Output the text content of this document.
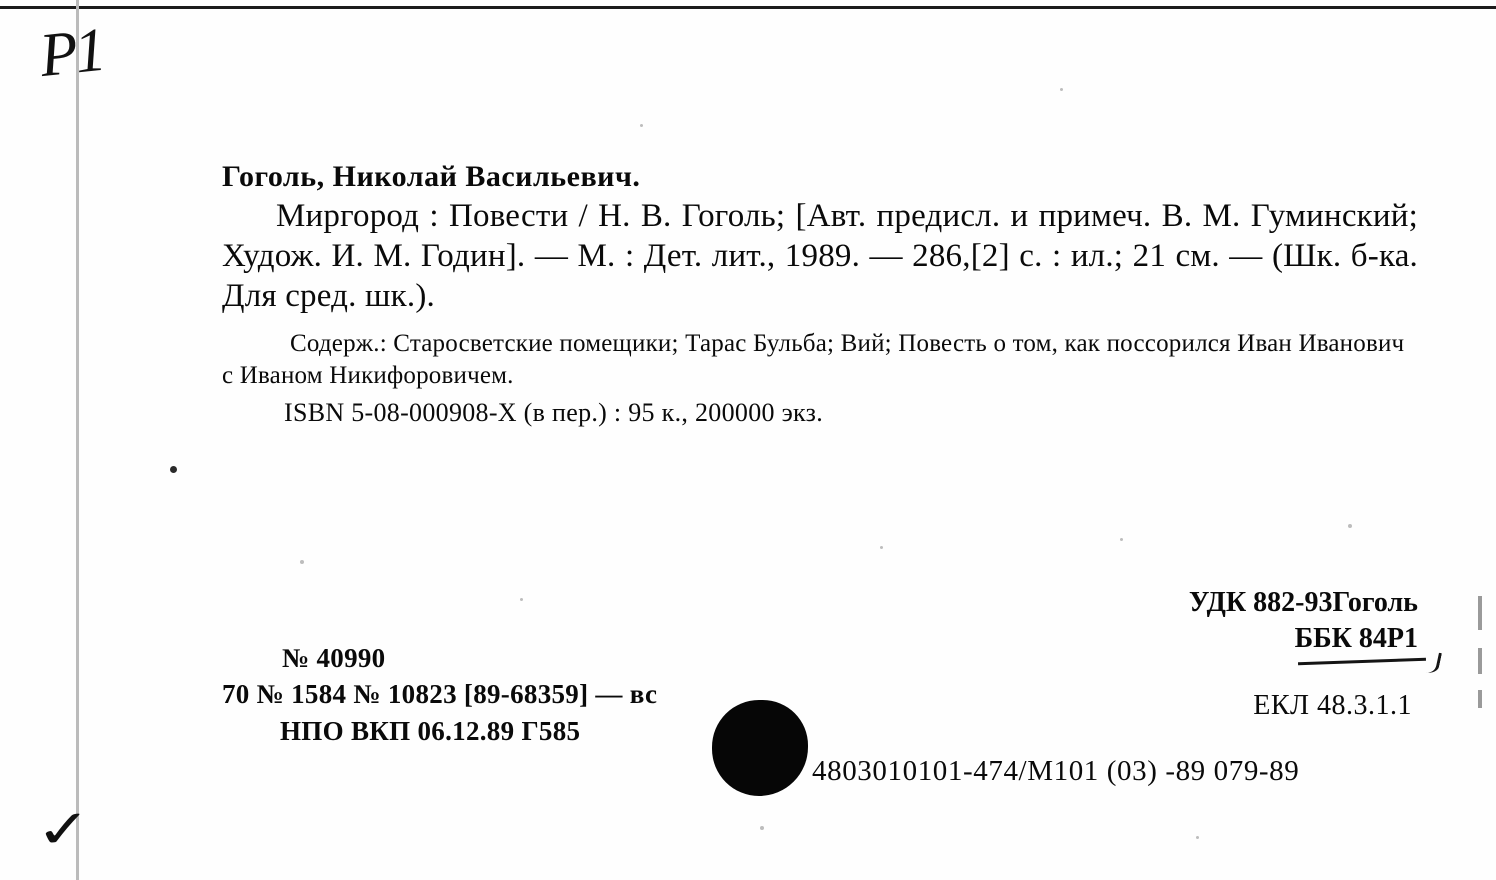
P1
✓
Гоголь, Николай Васильевич.
Миргород : Повести / Н. В. Гоголь; [Авт. предисл. и примеч. В. М. Гуминский; Худож. И. М. Годин]. — М. : Дет. лит., 1989. — 286,[2] с. : ил.; 21 см. — (Шк. б-ка. Для сред. шк.).
Содерж.: Старосветские помещики; Тарас Бульба; Вий; Повесть о том, как поссорился Иван Иванович с Иваном Никифоровичем.
ISBN 5-08-000908-X (в пер.) : 95 к., 200000 экз.
УДК 882-93Гоголь
ББК 84Р1
ЕКЛ 48.3.1.1
№ 40990
70 № 1584 № 10823 [89-68359] — вс
НПО ВКП 06.12.89 Г585
4803010101-474/М101 (03) -89 079-89
